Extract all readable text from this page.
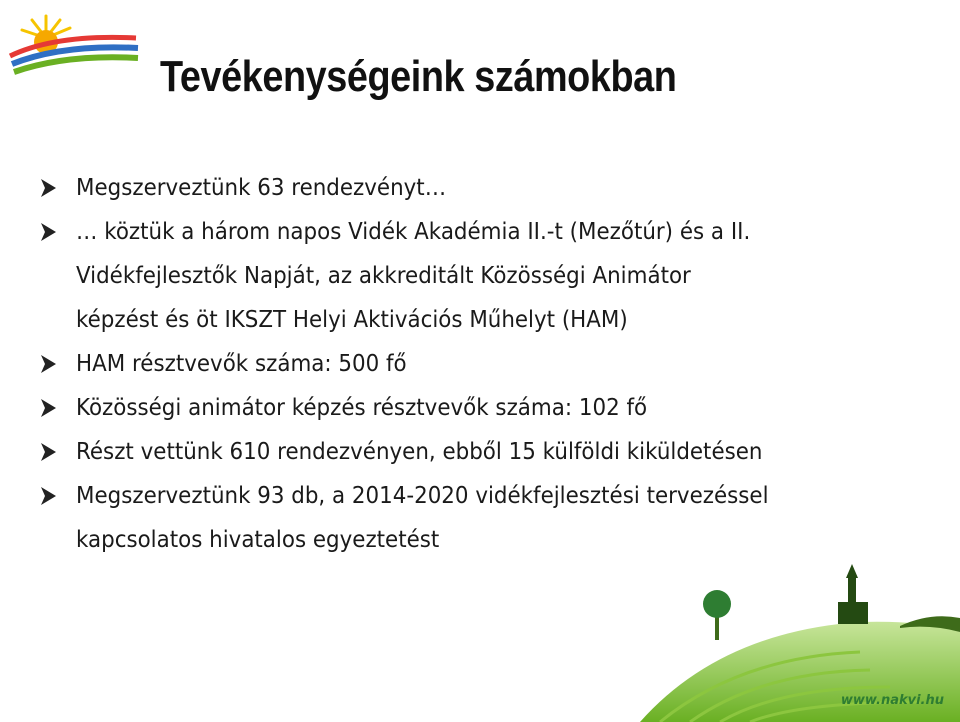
Tevékenységeink számokban
Megszerveztünk 63 rendezvényt…
… köztük a három napos Vidék Akadémia II.-t (Mezőtúr) és a II.
Vidékfejlesztők Napját, az akkreditált Közösségi Animátor
képzést és öt IKSZT Helyi Aktivációs Műhelyt (HAM)
HAM résztvevők száma: 500 fő
Közösségi animátor képzés résztvevők száma: 102 fő
Részt vettünk 610 rendezvényen, ebből 15 külföldi kiküldetésen
Megszerveztünk 93 db, a 2014-2020 vidékfejlesztési tervezéssel
kapcsolatos hivatalos egyeztetést
www.nakvi.hu
